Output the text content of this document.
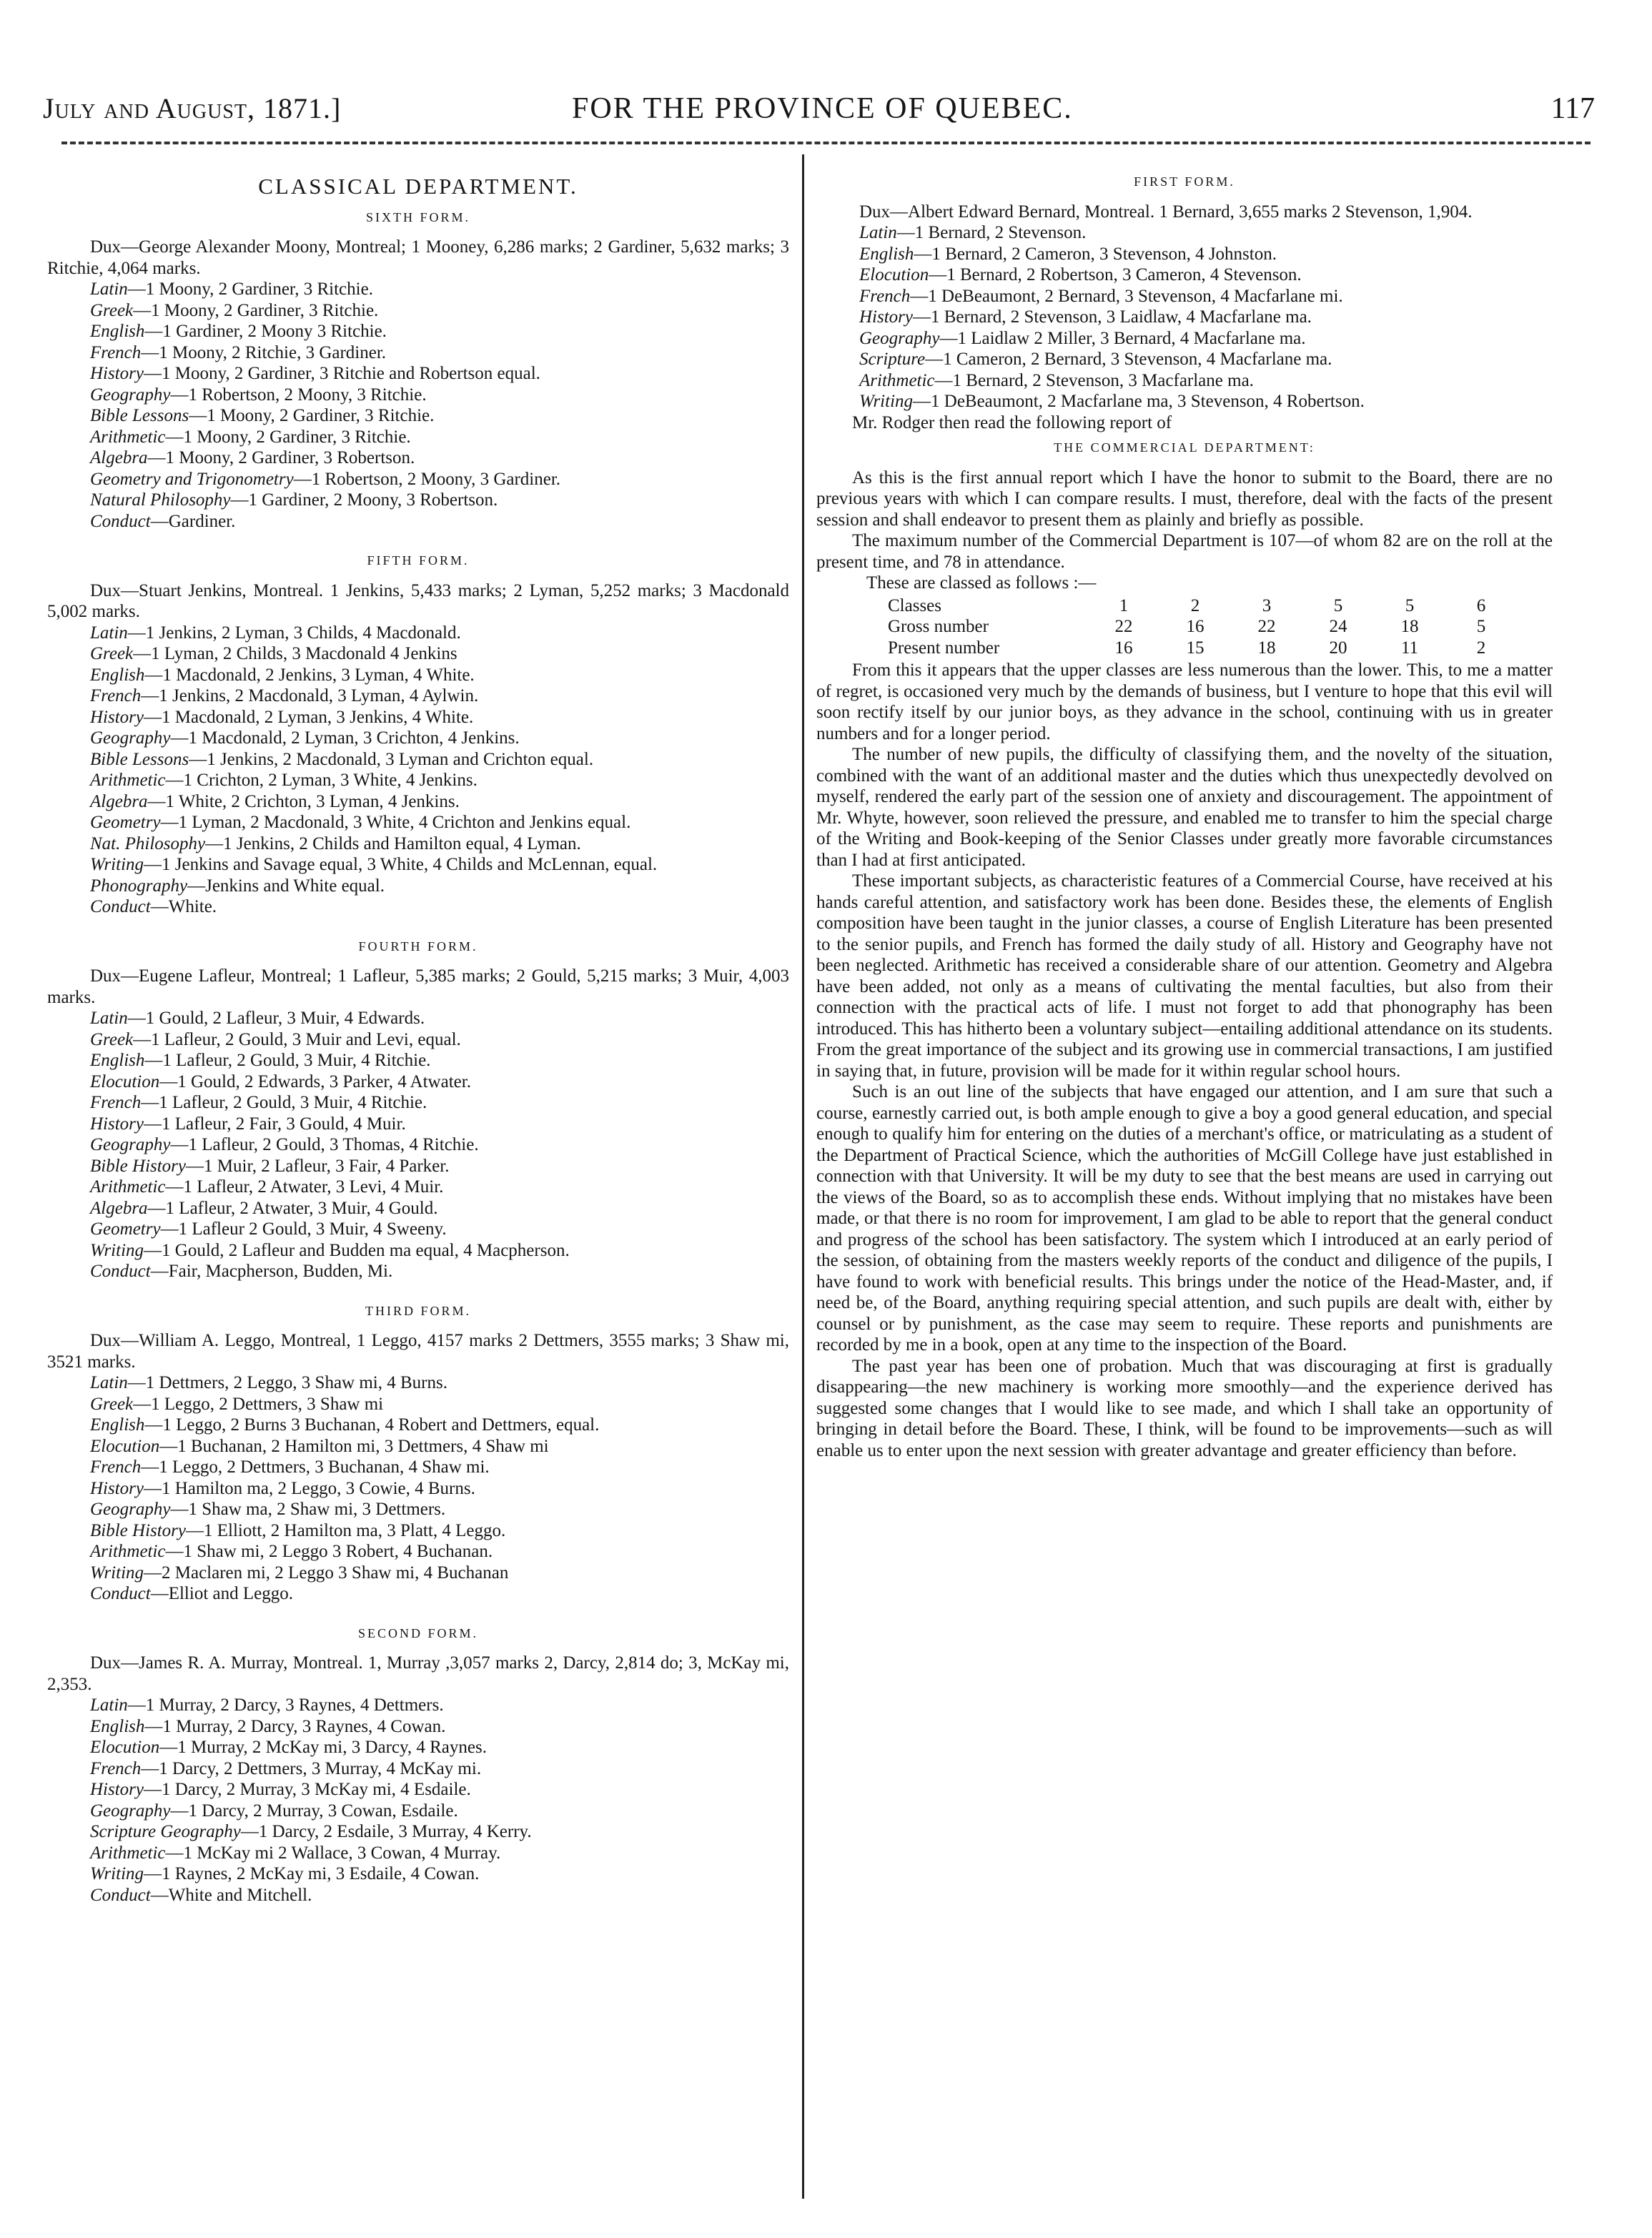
July and August, 1871.]	FOR THE PROVINCE OF QUEBEC.	117
CLASSICAL DEPARTMENT.
SIXTH FORM.

Dux—George Alexander Moony, Montreal; 1 Mooney, 6,286 marks; 2 Gardiner, 5,632 marks; 3 Ritchie, 4,064 marks.

Latin—1 Moony, 2 Gardiner, 3 Ritchie.

Greek—1 Moony, 2 Gardiner, 3 Ritchie.

English—1 Gardiner, 2 Moony 3 Ritchie.

French—1 Moony, 2 Ritchie, 3 Gardiner.

History—1 Moony, 2 Gardiner, 3 Ritchie and Robertson equal.

Geography—1 Robertson, 2 Moony, 3 Ritchie.

Bible Lessons—1 Moony, 2 Gardiner, 3 Ritchie.

Arithmetic—1 Moony, 2 Gardiner, 3 Ritchie.

Algebra—1 Moony, 2 Gardiner, 3 Robertson.

Geometry and Trigonometry—1 Robertson, 2 Moony, 3 Gardiner.

Natural Philosophy—1 Gardiner, 2 Moony, 3 Robertson.

Conduct—Gardiner.

FIFTH FORM.

Dux—Stuart Jenkins, Montreal. 1 Jenkins, 5,433 marks; 2 Lyman, 5,252 marks; 3 Macdonald 5,002 marks.

Latin—1 Jenkins, 2 Lyman, 3 Childs, 4 Macdonald.

Greek—1 Lyman, 2 Childs, 3 Macdonald 4 Jenkins

English—1 Macdonald, 2 Jenkins, 3 Lyman, 4 White.

French—1 Jenkins, 2 Macdonald, 3 Lyman, 4 Aylwin.

History—1 Macdonald, 2 Lyman, 3 Jenkins, 4 White.

Geography—1 Macdonald, 2 Lyman, 3 Crichton, 4 Jenkins.

Bible Lessons—1 Jenkins, 2 Macdonald, 3 Lyman and Crichton equal.

Arithmetic—1 Crichton, 2 Lyman, 3 White, 4 Jenkins.

Algebra—1 White, 2 Crichton, 3 Lyman, 4 Jenkins.

Geometry—1 Lyman, 2 Macdonald, 3 White, 4 Crichton and Jenkins equal.

Nat. Philosophy—1 Jenkins, 2 Childs and Hamilton equal, 4 Lyman.

Writing—1 Jenkins and Savage equal, 3 White, 4 Childs and McLennan, equal.

Phonography—Jenkins and White equal.

Conduct—White.

FOURTH FORM.

Dux—Eugene Lafleur, Montreal; 1 Lafleur, 5,385 marks; 2 Gould, 5,215 marks; 3 Muir, 4,003 marks.

Latin—1 Gould, 2 Lafleur, 3 Muir, 4 Edwards.

Greek—1 Lafleur, 2 Gould, 3 Muir and Levi, equal.

English—1 Lafleur, 2 Gould, 3 Muir, 4 Ritchie.

Elocution—1 Gould, 2 Edwards, 3 Parker, 4 Atwater.

French—1 Lafleur, 2 Gould, 3 Muir, 4 Ritchie.

History—1 Lafleur, 2 Fair, 3 Gould, 4 Muir.

Geography—1 Lafleur, 2 Gould, 3 Thomas, 4 Ritchie.

Bible History—1 Muir, 2 Lafleur, 3 Fair, 4 Parker.

Arithmetic—1 Lafleur, 2 Atwater, 3 Levi, 4 Muir.

Algebra—1 Lafleur, 2 Atwater, 3 Muir, 4 Gould.

Geometry—1 Lafleur 2 Gould, 3 Muir, 4 Sweeny.

Writing—1 Gould, 2 Lafleur and Budden ma equal, 4 Macpherson.

Conduct—Fair, Macpherson, Budden, Mi.

THIRD FORM.

Dux—William A. Leggo, Montreal, 1 Leggo, 4157 marks 2 Dettmers, 3555 marks; 3 Shaw mi, 3521 marks.

Latin—1 Dettmers, 2 Leggo, 3 Shaw mi, 4 Burns.

Greek—1 Leggo, 2 Dettmers, 3 Shaw mi

English—1 Leggo, 2 Burns 3 Buchanan, 4 Robert and Dettmers, equal.

Elocution—1 Buchanan, 2 Hamilton mi, 3 Dettmers, 4 Shaw mi

French—1 Leggo, 2 Dettmers, 3 Buchanan, 4 Shaw mi.

History—1 Hamilton ma, 2 Leggo, 3 Cowie, 4 Burns.

Geography—1 Shaw ma, 2 Shaw mi, 3 Dettmers.

Bible History—1 Elliott, 2 Hamilton ma, 3 Platt, 4 Leggo.

Arithmetic—1 Shaw mi, 2 Leggo 3 Robert, 4 Buchanan.

Writing—2 Maclaren mi, 2 Leggo 3 Shaw mi, 4 Buchanan

Conduct—Elliot and Leggo.

SECOND FORM.

Dux—James R. A. Murray, Montreal. 1, Murray ,3,057 marks 2, Darcy, 2,814 do; 3, McKay mi, 2,353.

Latin—1 Murray, 2 Darcy, 3 Raynes, 4 Dettmers.

English—1 Murray, 2 Darcy, 3 Raynes, 4 Cowan.

Elocution—1 Murray, 2 McKay mi, 3 Darcy, 4 Raynes.

French—1 Darcy, 2 Dettmers, 3 Murray, 4 McKay mi.

History—1 Darcy, 2 Murray, 3 McKay mi, 4 Esdaile.

Geography—1 Darcy, 2 Murray, 3 Cowan, Esdaile.

Scripture Geography—1 Darcy, 2 Esdaile, 3 Murray, 4 Kerry.

Arithmetic—1 McKay mi 2 Wallace, 3 Cowan, 4 Murray.

Writing—1 Raynes, 2 McKay mi, 3 Esdaile, 4 Cowan.

Conduct—White and Mitchell.

FIRST FORM.

Dux—Albert Edward Bernard, Montreal. 1 Bernard, 3,655 marks 2 Stevenson, 1,904.

Latin—1 Bernard, 2 Stevenson.

English—1 Bernard, 2 Cameron, 3 Stevenson, 4 Johnston.

Elocution—1 Bernard, 2 Robertson, 3 Cameron, 4 Stevenson.

French—1 DeBeaumont, 2 Bernard, 3 Stevenson, 4 Macfarlane mi.

History—1 Bernard, 2 Stevenson, 3 Laidlaw, 4 Macfarlane ma.

Geography—1 Laidlaw 2 Miller, 3 Bernard, 4 Macfarlane ma.

Scripture—1 Cameron, 2 Bernard, 3 Stevenson, 4 Macfarlane ma.

Arithmetic—1 Bernard, 2 Stevenson, 3 Macfarlane ma.

Writing—1 DeBeaumont, 2 Macfarlane ma, 3 Stevenson, 4 Robertson.

Mr. Rodger then read the following report of

THE COMMERCIAL DEPARTMENT:

As this is the first annual report which I have the honor to submit to the Board, there are no previous years with which I can compare results. I must, therefore, deal with the facts of the present session and shall endeavor to present them as plainly and briefly as possible.

The maximum number of the Commercial Department is 107—of whom 82 are on the roll at the present time, and 78 in attendance.

These are classed as follows :—

Classes	1	2	3	5	5	6
Gross number	22	16	22	24	18	5
Present number	16	15	18	20	11	2

From this it appears that the upper classes are less numerous than the lower. This, to me a matter of regret, is occasioned very much by the demands of business, but I venture to hope that this evil will soon rectify itself by our junior boys, as they advance in the school, continuing with us in greater numbers and for a longer period.

The number of new pupils, the difficulty of classifying them, and the novelty of the situation, combined with the want of an additional master and the duties which thus unexpectedly devolved on myself, rendered the early part of the session one of anxiety and discouragement. The appointment of Mr. Whyte, however, soon relieved the pressure, and enabled me to transfer to him the special charge of the Writing and Book-keeping of the Senior Classes under greatly more favorable circumstances than I had at first anticipated.

These important subjects, as characteristic features of a Commercial Course, have received at his hands careful attention, and satisfactory work has been done. Besides these, the elements of English composition have been taught in the junior classes, a course of English Literature has been presented to the senior pupils, and French has formed the daily study of all. History and Geography have not been neglected. Arithmetic has received a considerable share of our attention. Geometry and Algebra have been added, not only as a means of cultivating the mental faculties, but also from their connection with the practical acts of life. I must not forget to add that phonography has been introduced. This has hitherto been a voluntary subject—entailing additional attendance on its students. From the great importance of the subject and its growing use in commercial transactions, I am justified in saying that, in future, provision will be made for it within regular school hours.

Such is an out line of the subjects that have engaged our attention, and I am sure that such a course, earnestly carried out, is both ample enough to give a boy a good general education, and special enough to qualify him for entering on the duties of a merchant's office, or matriculating as a student of the Department of Practical Science, which the authorities of McGill College have just established in connection with that University. It will be my duty to see that the best means are used in carrying out the views of the Board, so as to accomplish these ends. Without implying that no mistakes have been made, or that there is no room for improvement, I am glad to be able to report that the general conduct and progress of the school has been satisfactory. The system which I introduced at an early period of the session, of obtaining from the masters weekly reports of the conduct and diligence of the pupils, I have found to work with beneficial results. This brings under the notice of the Head-Master, and, if need be, of the Board, anything requiring special attention, and such pupils are dealt with, either by counsel or by punishment, as the case may seem to require. These reports and punishments are recorded by me in a book, open at any time to the inspection of the Board.

The past year has been one of probation. Much that was discouraging at first is gradually disappearing—the new machinery is working more smoothly—and the experience derived has suggested some changes that I would like to see made, and which I shall take an opportunity of bringing in detail before the Board. These, I think, will be found to be improvements—such as will enable us to enter upon the next session with greater advantage and greater efficiency than before.
